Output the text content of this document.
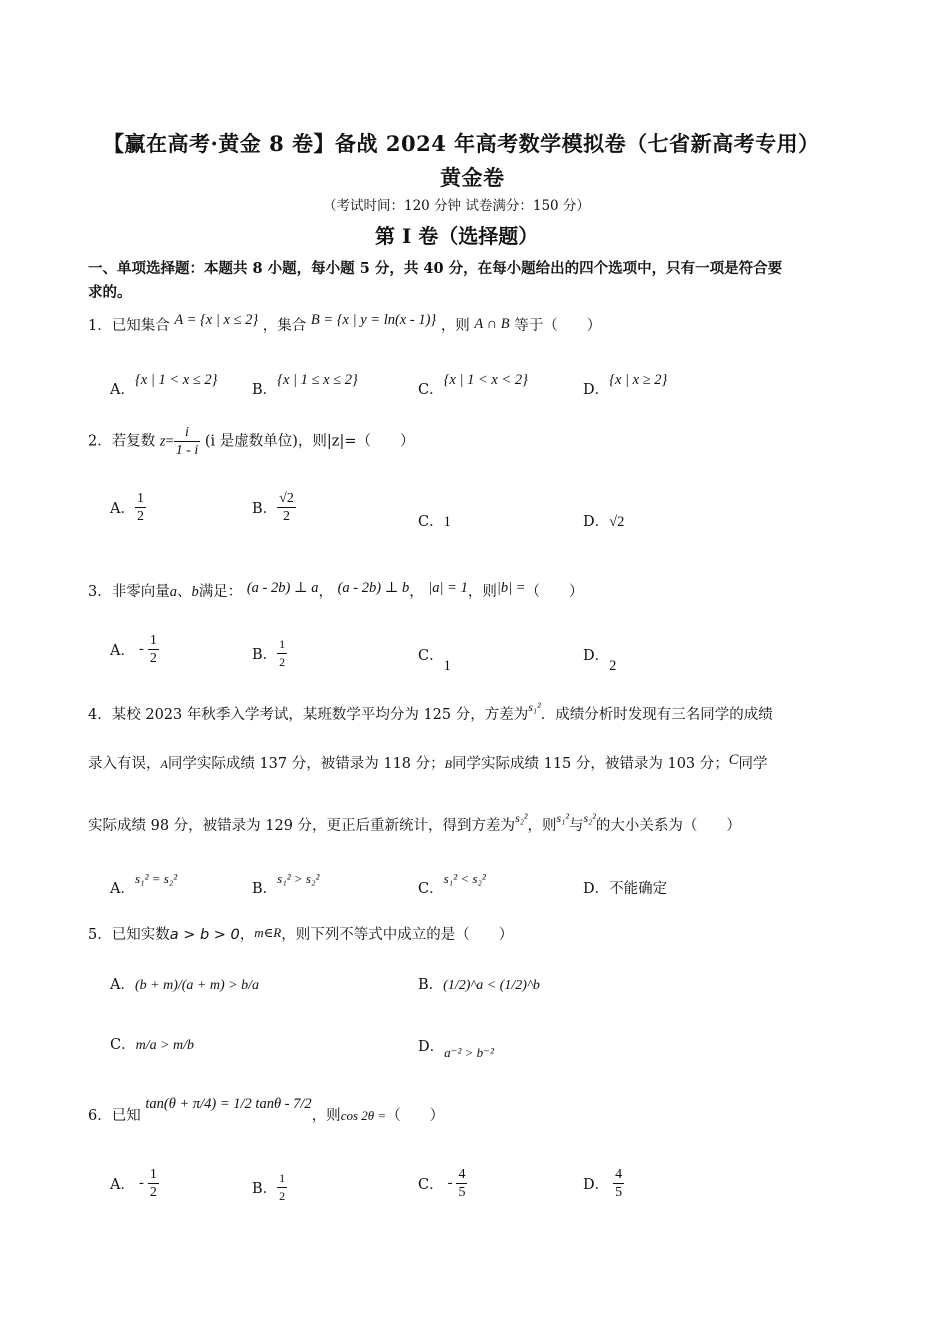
【赢在高考·黄金 8 卷】备战 2024 年高考数学模拟卷（七省新高考专用）
黄金卷
（考试时间：120 分钟 试卷满分：150 分）
第 I 卷（选择题）
一、单项选择题：本题共 8 小题，每小题 5 分，共 40 分，在每小题给出的四个选项中，只有一项是符合要
求的。
1．已知集合 A = {x | x ≤ 2} ，集合 B = {x | y = ln(x - 1)} ，则 A ∩ B 等于（　　）
A．{x | 1 < x ≤ 2}
B．{x | 1 ≤ x ≤ 2}
C．{x | 1 < x < 2}
D．{x | x ≥ 2}
2．若复数 $z= \frac{i}{1 - i} (i$ 是虚数单位)，则|z|=（　　）
A． $\frac{1}{2}$	B． $\frac{√2}{2}$	C．1	D．√2
3．非零向量a、b满足： (a - 2b) ⊥ a， (a - 2b) ⊥ b， |a| = 1，则|b| =（　　）
A． - $\frac{1}{2}$	B． $\frac{1}{2}$	C．1
D．2
4．某校 2023 年秋季入学考试，某班数学平均分为 125 分，方差为$^{s_1^2}$．成绩分析时发现有三名同学的成绩
录入有误，A同学实际成绩 137 分，被错录为 118 分；B同学实际成绩 115 分，被错录为 103 分；C同学
实际成绩 98 分，被错录为 129 分，更正后重新统计，得到方差为$^{s_2^2}$，则$^{s_1^2}$与$^{s_2^2}$的大小关系为（　　）
A．s₁² = s₂²
B．s₁² > s₂²
C．s₁² < s₂²
D．不能确定
5．已知实数a > b > 0，m∈R，则下列不等式中成立的是（　　）
A．(b + m)/(a + m) > b/a	B．(1/2)^a < (1/2)^b
C．m/a > m/b	D．a⁻² > b⁻²
6．已知 tan(θ + π/4) = 1/2 tanθ - 7/2，则cos 2θ =（　　）
A． - $\frac{1}{2}$	B． $\frac{1}{2}$	C． - $\frac{4}{5}$	D． $\frac{4}{5}$
